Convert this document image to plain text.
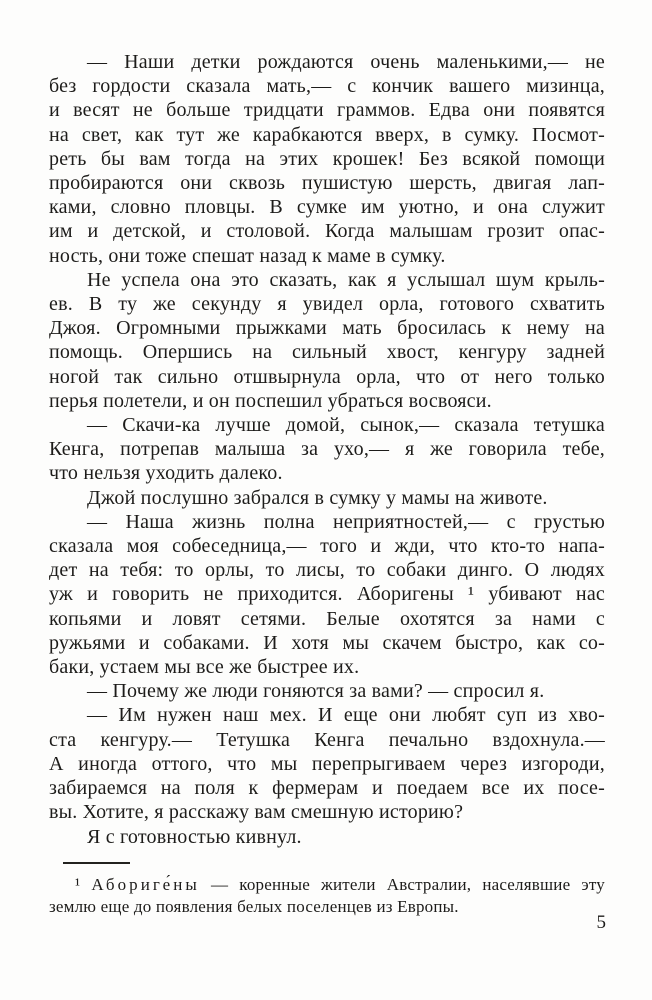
— Наши детки рождаются очень маленькими,— не
без гордости сказала мать,— с кончик вашего мизинца,
и весят не больше тридцати граммов. Едва они появятся
на свет, как тут же карабкаются вверх, в сумку. Посмот-
реть бы вам тогда на этих крошек! Без всякой помощи
пробираются они сквозь пушистую шерсть, двигая лап-
ками, словно пловцы. В сумке им уютно, и она служит
им и детской, и столовой. Когда малышам грозит опас-
ность, они тоже спешат назад к маме в сумку.
Не успела она это сказать, как я услышал шум крыль-
ев. В ту же секунду я увидел орла, готового схватить
Джоя. Огромными прыжками мать бросилась к нему на
помощь. Опершись на сильный хвост, кенгуру задней
ногой так сильно отшвырнула орла, что от него только
перья полетели, и он поспешил убраться восвояси.
— Скачи-ка лучше домой, сынок,— сказала тетушка
Кенга, потрепав малыша за ухо,— я же говорила тебе,
что нельзя уходить далеко.
Джой послушно забрался в сумку у мамы на животе.
— Наша жизнь полна неприятностей,— с грустью
сказала моя собеседница,— того и жди, что кто-то напа-
дет на тебя: то орлы, то лисы, то собаки динго. О людях
уж и говорить не приходится. Аборигены ¹ убивают нас
копьями и ловят сетями. Белые охотятся за нами с
ружьями и собаками. И хотя мы скачем быстро, как со-
баки, устаем мы все же быстрее их.
— Почему же люди гоняются за вами? — спросил я.
— Им нужен наш мех. И еще они любят суп из хво-
ста кенгуру.— Тетушка Кенга печально вздохнула.—
А иногда оттого, что мы перепрыгиваем через изгороди,
забираемся на поля к фермерам и поедаем все их посе-
вы. Хотите, я расскажу вам смешную историю?
Я с готовностью кивнул.
¹ Абориге́ны — коренные жители Австралии, населявшие эту
землю еще до появления белых поселенцев из Европы.
5
